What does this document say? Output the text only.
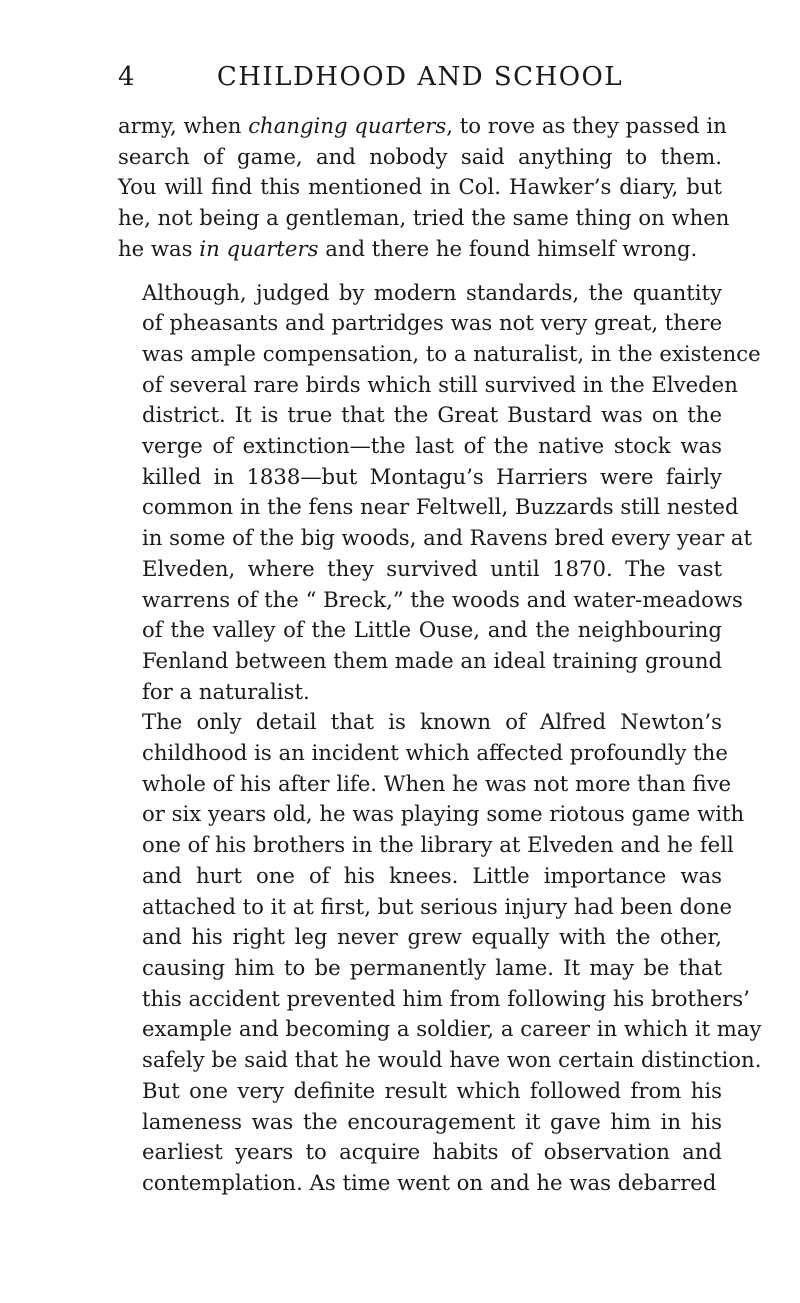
4	CHILDHOOD AND SCHOOL
army, when changing quarters, to rove as they passed in
search of game, and nobody said anything to them.
You will find this mentioned in Col. Hawker’s diary, but
he, not being a gentleman, tried the same thing on when
he was in quarters and there he found himself wrong.
Although, judged by modern standards, the quantity
of pheasants and partridges was not very great, there
was ample compensation, to a naturalist, in the existence
of several rare birds which still survived in the Elveden
district. It is true that the Great Bustard was on the
verge of extinction—the last of the native stock was
killed in 1838—but Montagu’s Harriers were fairly
common in the fens near Feltwell, Buzzards still nested
in some of the big woods, and Ravens bred every year at
Elveden, where they survived until 1870. The vast
warrens of the “ Breck,” the woods and water-meadows
of the valley of the Little Ouse, and the neighbouring
Fenland between them made an ideal training ground
for a naturalist.
The only detail that is known of Alfred Newton’s
childhood is an incident which affected profoundly the
whole of his after life. When he was not more than five
or six years old, he was playing some riotous game with
one of his brothers in the library at Elveden and he fell
and hurt one of his knees. Little importance was
attached to it at first, but serious injury had been done
and his right leg never grew equally with the other,
causing him to be permanently lame. It may be that
this accident prevented him from following his brothers’
example and becoming a soldier, a career in which it may
safely be said that he would have won certain distinction.
But one very definite result which followed from his
lameness was the encouragement it gave him in his
earliest years to acquire habits of observation and
contemplation. As time went on and he was debarred
